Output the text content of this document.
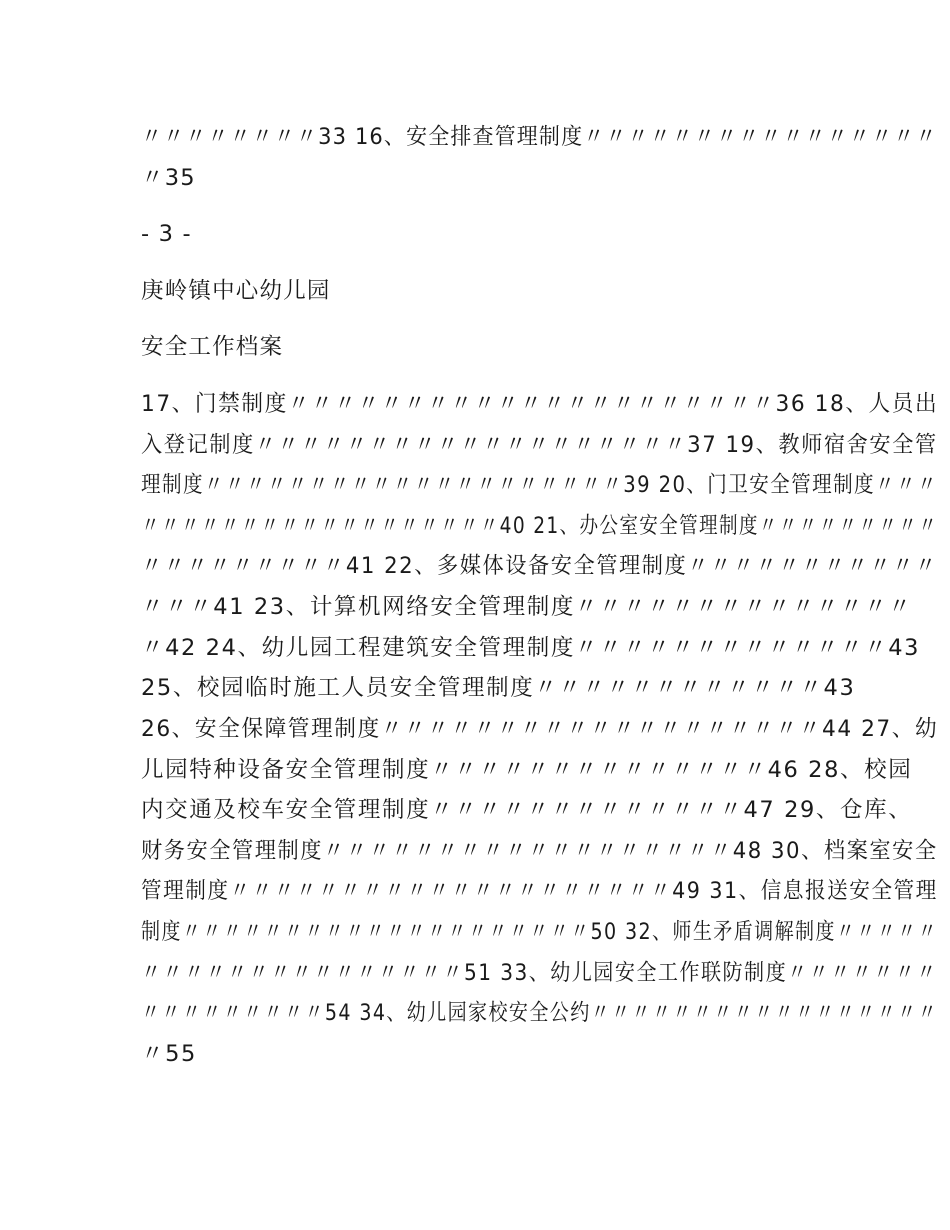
〃〃〃〃〃〃〃〃33 16、安全排查管理制度〃〃〃〃〃〃〃〃〃〃〃〃〃〃〃〃
〃35
- 3 -
庚岭镇中心幼儿园
安全工作档案
17、门禁制度〃〃〃〃〃〃〃〃〃〃〃〃〃〃〃〃〃〃〃〃〃36 18、人员出
入登记制度〃〃〃〃〃〃〃〃〃〃〃〃〃〃〃〃〃〃〃37 19、教师宿舍安全管
理制度〃〃〃〃〃〃〃〃〃〃〃〃〃〃〃〃〃〃〃〃39 20、门卫安全管理制度〃〃〃
〃〃〃〃〃〃〃〃〃〃〃〃〃〃〃〃〃〃40 21、办公室安全管理制度〃〃〃〃〃〃〃〃〃
〃〃〃〃〃〃〃〃〃41 22、多媒体设备安全管理制度〃〃〃〃〃〃〃〃〃〃〃
〃〃〃41 23、计算机网络安全管理制度〃〃〃〃〃〃〃〃〃〃〃〃〃〃
〃42 24、幼儿园工程建筑安全管理制度〃〃〃〃〃〃〃〃〃〃〃〃〃43
25、校园临时施工人员安全管理制度〃〃〃〃〃〃〃〃〃〃〃〃43
26、安全保障管理制度〃〃〃〃〃〃〃〃〃〃〃〃〃〃〃〃〃〃〃44 27、幼
儿园特种设备安全管理制度〃〃〃〃〃〃〃〃〃〃〃〃〃〃46 28、校园
内交通及校车安全管理制度〃〃〃〃〃〃〃〃〃〃〃〃〃47 29、仓库、
财务安全管理制度〃〃〃〃〃〃〃〃〃〃〃〃〃〃〃〃〃〃48 30、档案室安全
管理制度〃〃〃〃〃〃〃〃〃〃〃〃〃〃〃〃〃〃〃〃49 31、信息报送安全管理
制度〃〃〃〃〃〃〃〃〃〃〃〃〃〃〃〃〃〃〃〃50 32、师生矛盾调解制度〃〃〃〃〃
〃〃〃〃〃〃〃〃〃〃〃〃〃〃〃51 33、幼儿园安全工作联防制度〃〃〃〃〃〃〃
〃〃〃〃〃〃〃〃〃54 34、幼儿园家校安全公约〃〃〃〃〃〃〃〃〃〃〃〃〃〃〃〃〃
〃55
